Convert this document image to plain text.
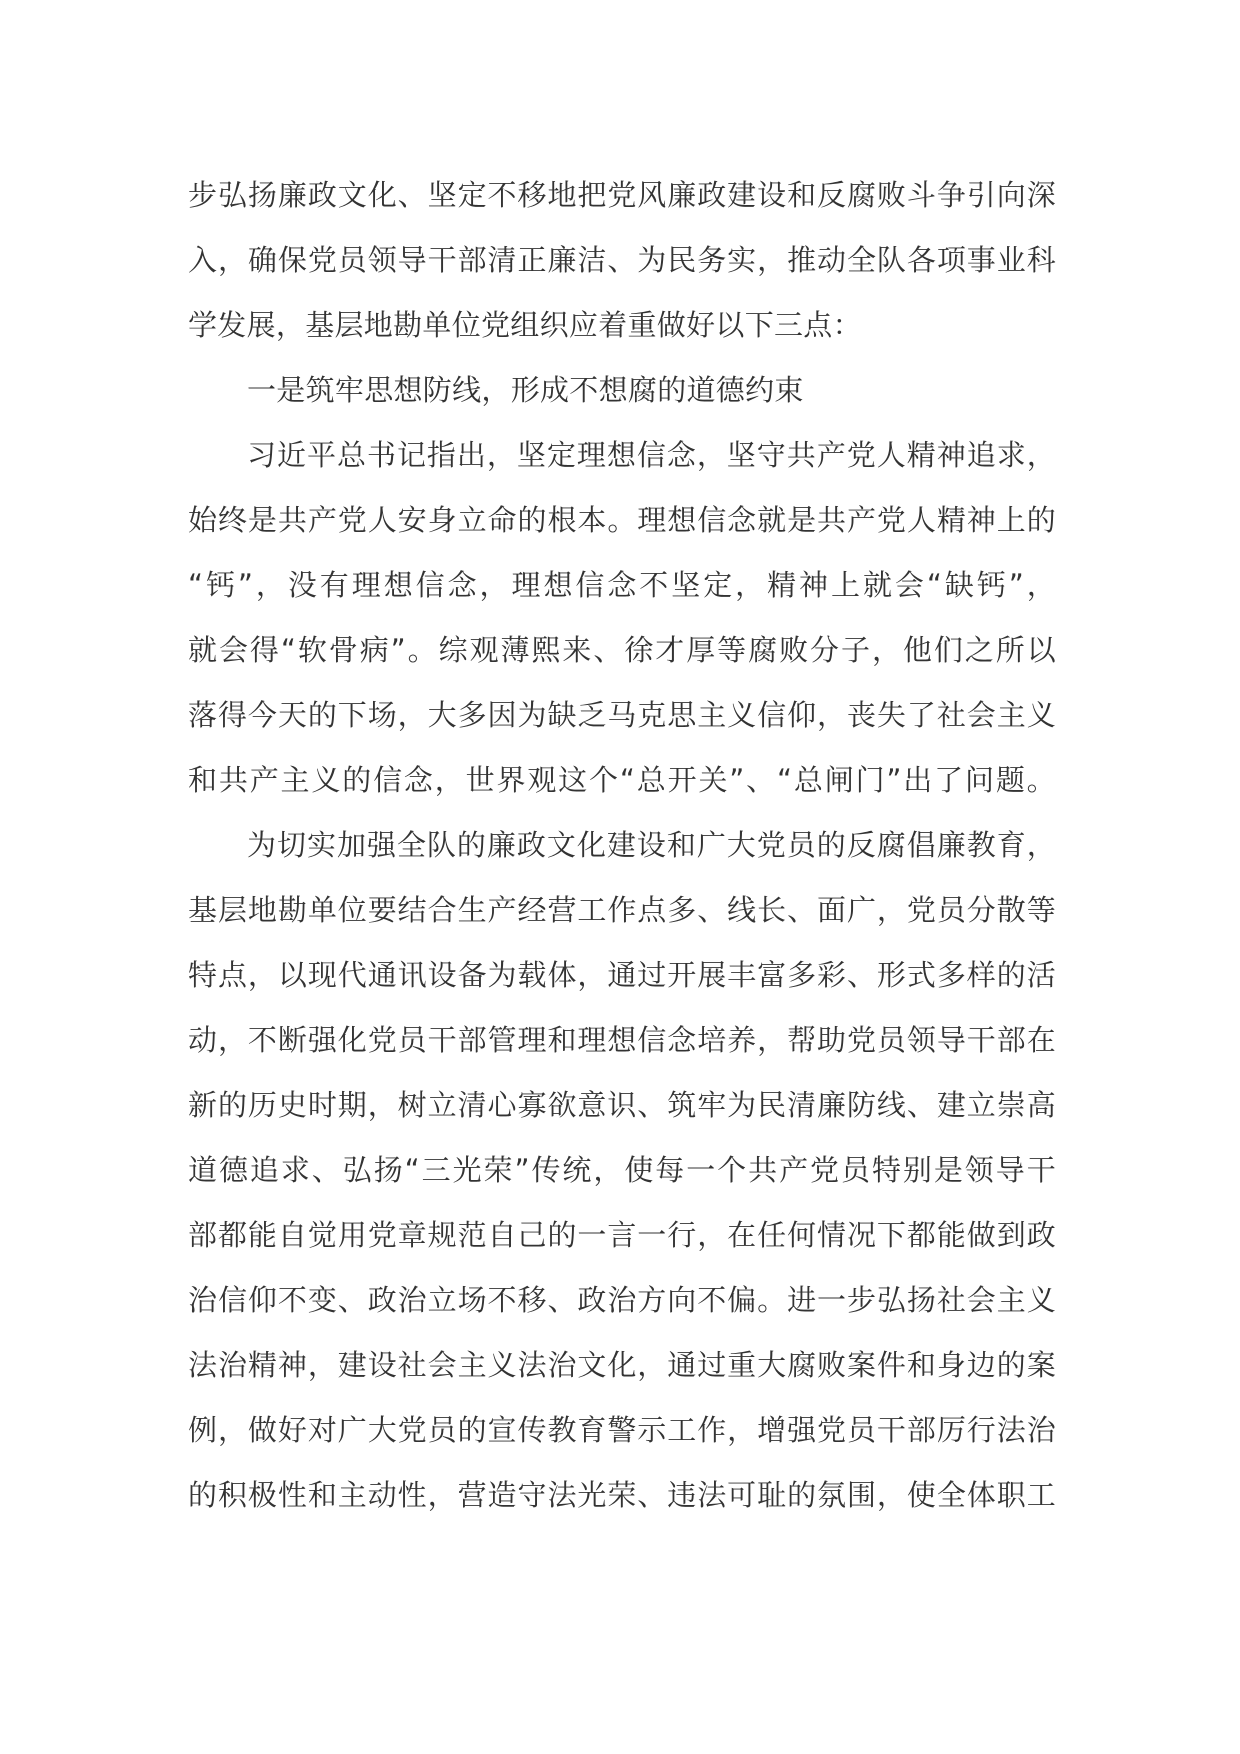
步弘扬廉政文化、坚定不移地把党风廉政建设和反腐败斗争引向深
入，确保党员领导干部清正廉洁、为民务实，推动全队各项事业科
学发展，基层地勘单位党组织应着重做好以下三点：
一是筑牢思想防线，形成不想腐的道德约束
习近平总书记指出，坚定理想信念，坚守共产党人精神追求，
始终是共产党人安身立命的根本。理想信念就是共产党人精神上的
“钙”，没有理想信念，理想信念不坚定，精神上就会“缺钙”，
就会得“软骨病”。综观薄熙来、徐才厚等腐败分子，他们之所以
落得今天的下场，大多因为缺乏马克思主义信仰，丧失了社会主义
和共产主义的信念，世界观这个“总开关”、“总闸门”出了问题。
为切实加强全队的廉政文化建设和广大党员的反腐倡廉教育，
基层地勘单位要结合生产经营工作点多、线长、面广，党员分散等
特点，以现代通讯设备为载体，通过开展丰富多彩、形式多样的活
动，不断强化党员干部管理和理想信念培养，帮助党员领导干部在
新的历史时期，树立清心寡欲意识、筑牢为民清廉防线、建立崇高
道德追求、弘扬“三光荣”传统，使每一个共产党员特别是领导干
部都能自觉用党章规范自己的一言一行，在任何情况下都能做到政
治信仰不变、政治立场不移、政治方向不偏。进一步弘扬社会主义
法治精神，建设社会主义法治文化，通过重大腐败案件和身边的案
例，做好对广大党员的宣传教育警示工作，增强党员干部厉行法治
的积极性和主动性，营造守法光荣、违法可耻的氛围，使全体职工
